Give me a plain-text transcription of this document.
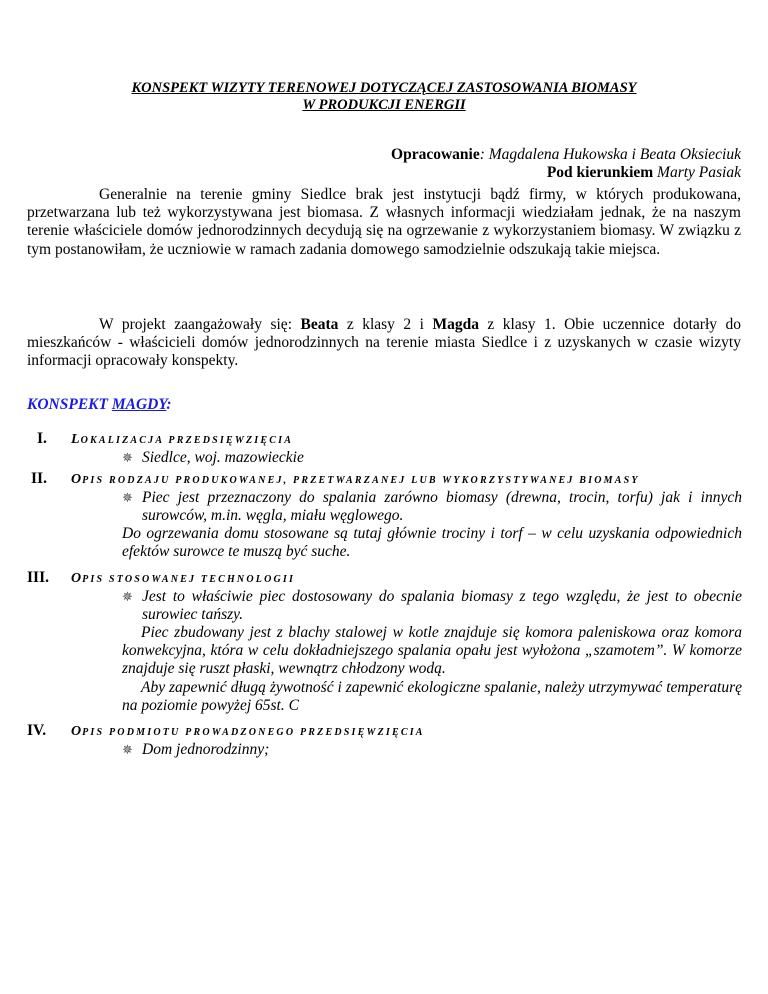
KONSPEKT WIZYTY TERENOWEJ DOTYCZĄCEJ ZASTOSOWANIA BIOMASY
W PRODUKCJI ENERGII
Opracowanie: Magdalena Hukowska i Beata Oksieciuk
Pod kierunkiem Marty Pasiak
Generalnie na terenie gminy Siedlce brak jest instytucji bądź firmy, w których produkowana, przetwarzana lub też wykorzystywana jest biomasa. Z własnych informacji wiedziałam jednak, że na naszym terenie właściciele domów jednorodzinnych decydują się na ogrzewanie z wykorzystaniem biomasy. W związku z tym postanowiłam, że uczniowie w ramach zadania domowego samodzielnie odszukają takie miejsca.
W projekt zaangażowały się: Beata z klasy 2 i Magda z klasy 1. Obie uczennice dotarły do mieszkańców - właścicieli domów jednorodzinnych na terenie miasta Siedlce i z uzyskanych w czasie wizyty informacji opracowały konspekty.
KONSPEKT MAGDY:
I. LOKALIZACJA PRZEDSIĘWZIĘCIA
✵ Siedlce, woj. mazowieckie
II. OPIS RODZAJU PRODUKOWANEJ, PRZETWARZANEJ LUB WYKORZYSTYWANEJ BIOMASY
✵ Piec jest przeznaczony do spalania zarówno biomasy (drewna, trocin, torfu) jak i innych surowców, m.in. węgla, miału węglowego.
Do ogrzewania domu stosowane są tutaj głównie trociny i torf – w celu uzyskania odpowiednich efektów surowce te muszą być suche.
III. OPIS STOSOWANEJ TECHNOLOGII
✵ Jest to właściwie piec dostosowany do spalania biomasy z tego względu, że jest to obecnie surowiec tańszy.
Piec zbudowany jest z blachy stalowej w kotle znajduje się komora paleniskowa oraz komora konwekcyjna, która w celu dokładniejszego spalania opału jest wyłożona „szamotem”. W komorze znajduje się ruszt płaski, wewnątrz chłodzony wodą.
Aby zapewnić długą żywotność i zapewnić ekologiczne spalanie, należy utrzymywać temperaturę na poziomie powyżej 65st. C
IV. OPIS PODMIOTU PROWADZONEGO PRZEDSIĘWZIĘCIA
✵ Dom jednorodzinny;
